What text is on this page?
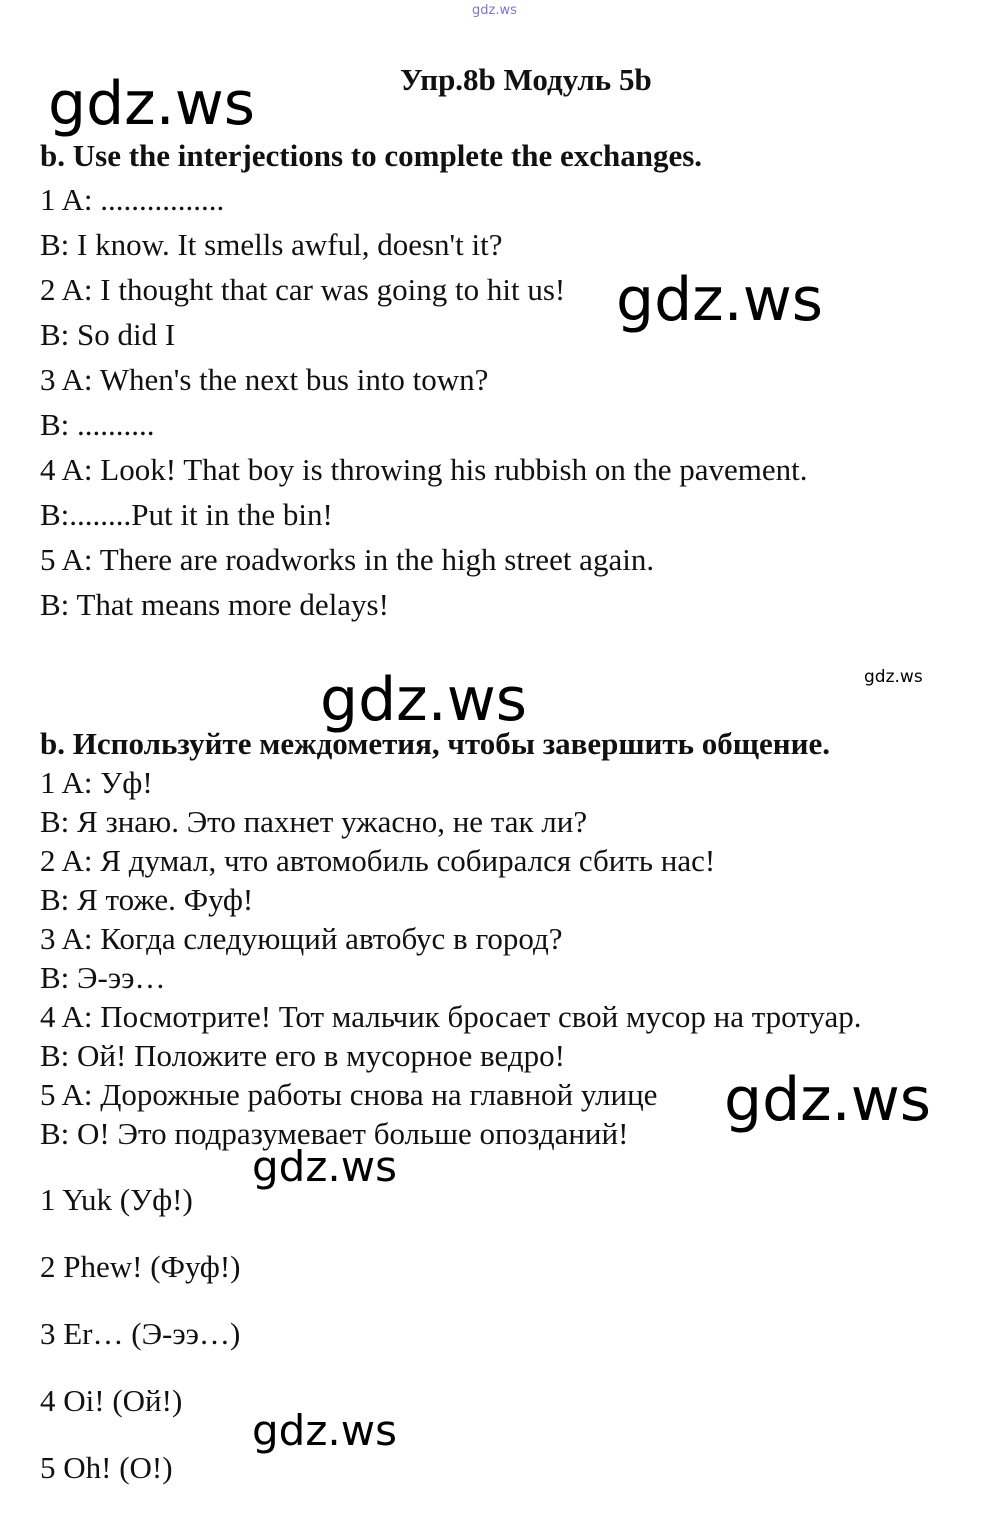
gdz.ws
gdz.ws	Упр.8b Модуль 5b
b. Use the interjections to complete the exchanges.
1 A: ................
B: I know. It smells awful, doesn't it?
2 A: I thought that car was going to hit us!
B: So did I
3 A: When's the next bus into town?
B: ..........
4 A: Look! That boy is throwing his rubbish on the pavement.
B:........Put it in the bin!
5 A: There are roadworks in the high street again.
B: That means more delays!
gdz.ws
gdz.ws	gdz.ws
b. Используйте междометия, чтобы завершить общение.
1 A: Уф!
B: Я знаю. Это пахнет ужасно, не так ли?
2 A: Я думал, что автомобиль собирался сбить нас!
B: Я тоже. Фуф!
3 A: Когда следующий автобус в город?
B: Э-ээ…
4 A: Посмотрите! Тот мальчик бросает свой мусор на тротуар.
B: Ой! Положите его в мусорное ведро!
5 A: Дорожные работы снова на главной улице
B: О! Это подразумевает больше опозданий! gdz.ws
gdz.ws
1 Yuk (Уф!)
2 Phew! (Фуф!)
3 Er… (Э-ээ…)
4 Oi! (Ой!)
5 Oh! (О!)
gdz.ws
